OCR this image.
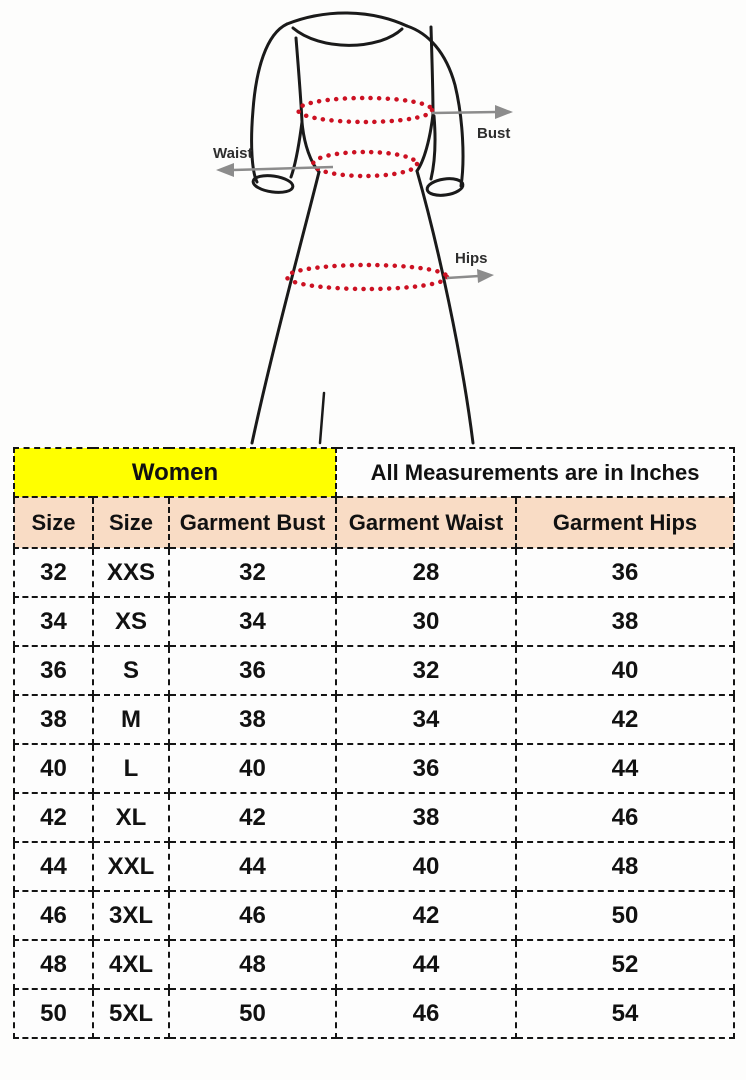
Bust
Waist
Hips
Women			All Measurements are in Inches	
Size	Size	Garment Bust	Garment Waist	Garment Hips
32	XXS	32	28	36
34	XS	34	30	38
36	S	36	32	40
38	M	38	34	42
40	L	40	36	44
42	XL	42	38	46
44	XXL	44	40	48
46	3XL	46	42	50
48	4XL	48	44	52
50	5XL	50	46	54
